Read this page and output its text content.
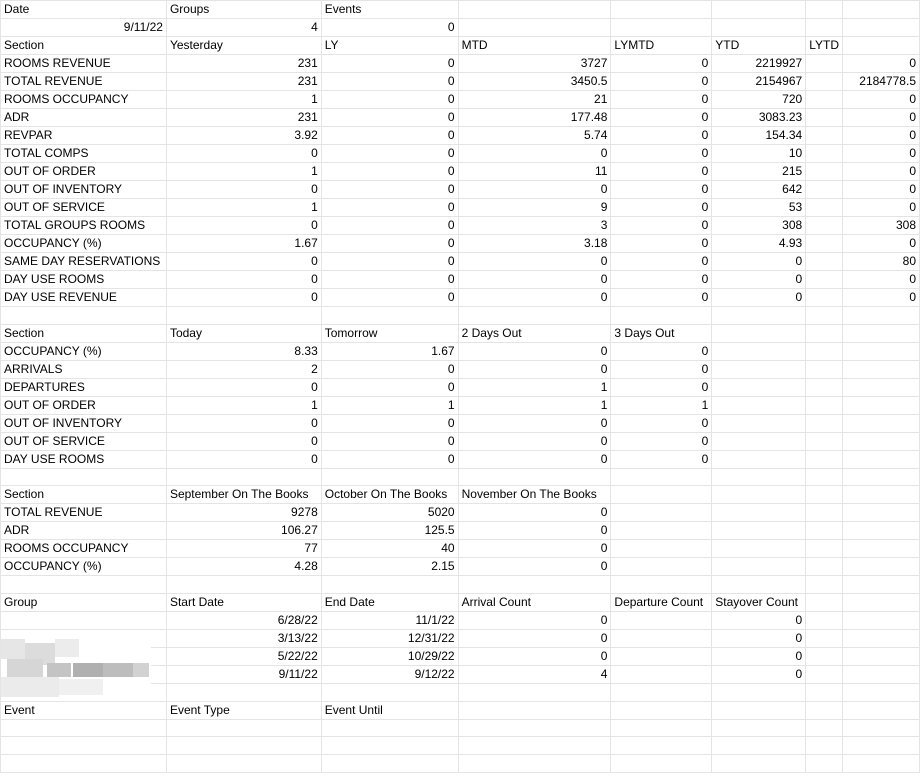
Date	Groups	Events					
9/11/22	4	0					
Section	Yesterday	LY	MTD	LYMTD	YTD	LYTD	
ROOMS REVENUE	231	0	3727	0	2219927		0
TOTAL REVENUE	231	0	3450.5	0	2154967		2184778.5
ROOMS OCCUPANCY	1	0	21	0	720		0
ADR	231	0	177.48	0	3083.23		0
REVPAR	3.92	0	5.74	0	154.34		0
TOTAL COMPS	0	0	0	0	10		0
OUT OF ORDER	1	0	11	0	215		0
OUT OF INVENTORY	0	0	0	0	642		0
OUT OF SERVICE	1	0	9	0	53		0
TOTAL GROUPS ROOMS	0	0	3	0	308		308
OCCUPANCY (%)	1.67	0	3.18	0	4.93		0
SAME DAY RESERVATIONS	0	0	0	0	0		80
DAY USE ROOMS	0	0	0	0	0		0
DAY USE REVENUE	0	0	0	0	0		0

Section	Today	Tomorrow	2 Days Out	3 Days Out			
OCCUPANCY (%)	8.33	1.67	0	0			
ARRIVALS	2	0	0	0			
DEPARTURES	0	0	1	0			
OUT OF ORDER	1	1	1	1			
OUT OF INVENTORY	0	0	0	0			
OUT OF SERVICE	0	0	0	0			
DAY USE ROOMS	0	0	0	0			

Section	September On The Books	October On The Books	November On The Books				
TOTAL REVENUE	9278	5020	0				
ADR	106.27	125.5	0				
ROOMS OCCUPANCY	77	40	0				
OCCUPANCY (%)	4.28	2.15	0				

Group	Start Date	End Date	Arrival Count	Departure Count	Stayover Count		
	6/28/22	11/1/22	0		0		
	3/13/22	12/31/22	0		0		
	5/22/22	10/29/22	0		0		
	9/11/22	9/12/22	4		0		

Event	Event Type	Event Until					
